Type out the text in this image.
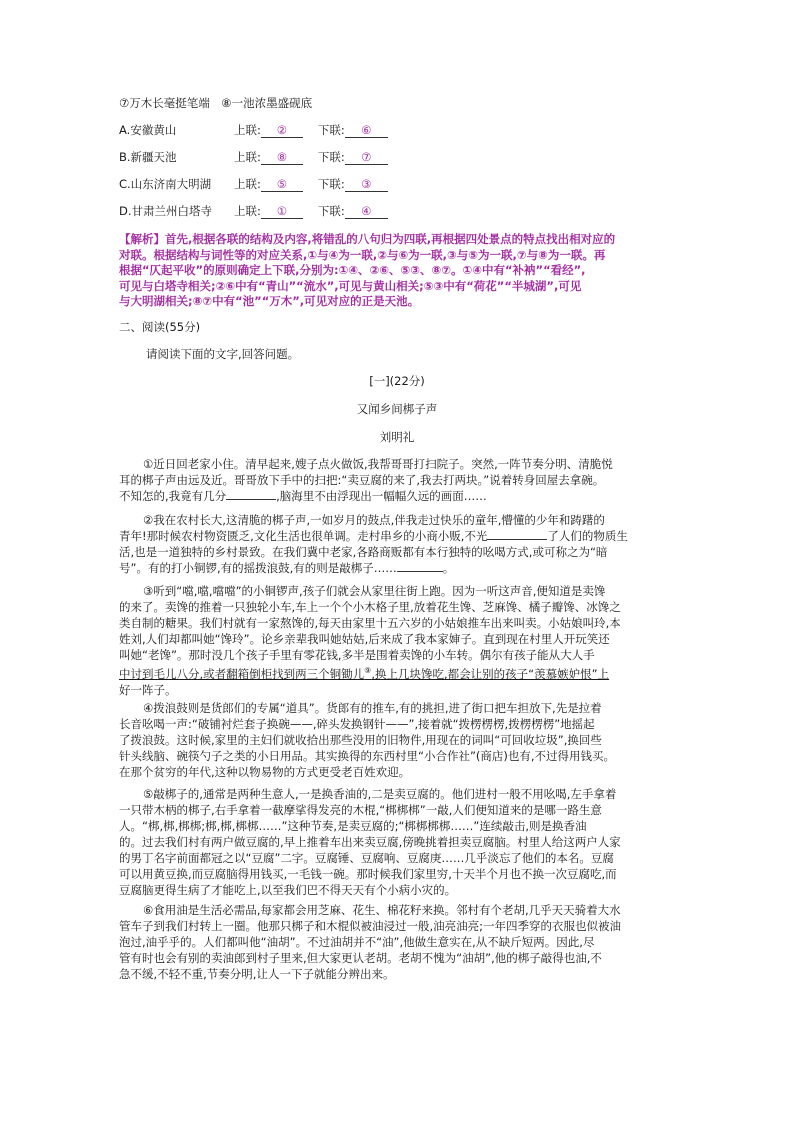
⑦万木长毫挺笔端　⑧一池浓墨盛砚底
A.安徽黄山	上联: ②	下联: ⑥
B.新疆天池	上联: ⑧	下联: ⑦
C.山东济南大明湖 上联: ⑤	下联: ③
D.甘肃兰州白塔寺 上联: ①	下联: ④
【解析】首先,根据各联的结构及内容,将错乱的八句归为四联,再根据四处景点的特点找出相对应的
对联。根据结构与词性等的对应关系,①与④为一联,②与⑥为一联,③与⑤为一联,⑦与⑧为一联。再
根据“仄起平收”的原则确定上下联,分别为:①④、②⑥、⑤③、⑧⑦。①④中有“补衲”“看经”,
可见与白塔寺相关;②⑥中有“青山”“流水”,可见与黄山相关;⑤③中有“荷花”“半城湖”,可见
与大明湖相关;⑧⑦中有“池”“万木”,可见对应的正是天池。
二、阅读(55分)
请阅读下面的文字,回答问题。
[一](22分)
又闻乡间梆子声
刘明礼
①近日回老家小住。清早起来,嫂子点火做饭,我帮哥哥打扫院子。突然,一阵节奏分明、清脆悦
耳的梆子声由远及近。哥哥放下手中的扫把:“卖豆腐的来了,我去打两块。”说着转身回屋去拿碗。
不知怎的,我竟有几分	,脑海里不由浮现出一幅幅久远的画面……
②我在农村长大,这清脆的梆子声,一如岁月的鼓点,伴我走过快乐的童年,懵懂的少年和踌躇的
青年!那时候农村物资匮乏,文化生活也很单调。走村串乡的小商小贩,不光	了人们的物质生
活,也是一道独特的乡村景致。在我们冀中老家,各路商贩都有本行独特的吆喝方式,或可称之为“暗
号”。有的打小铜锣,有的摇拨浪鼓,有的则是敲梆子……	。
③听到“噹,噹,噹噹”的小铜锣声,孩子们就会从家里往街上跑。因为一听这声音,便知道是卖馋
的来了。卖馋的推着一只独轮小车,车上一个个小木格子里,放着花生馋、芝麻馋、橘子瓣馋、冰馋之
类自制的糖果。我们村就有一家熬馋的,每天由家里十五六岁的小姑娘推车出来叫卖。小姑娘叫玲,本
姓刘,人们却都叫她“馋玲”。论乡亲辈我叫她姑姑,后来成了我本家婶子。直到现在村里人开玩笑还
叫她“老馋”。那时没几个孩子手里有零花钱,多半是围着卖馋的小车转。偶尔有孩子能从大人手
中讨到毛儿八分,或者翻箱倒柜找到两三个铜锄儿⑨,换上几块馋吃,都会让别的孩子“羡慕嫉妒恨”上
好一阵子。
④拨浪鼓则是货郎们的专属“道具”。货郎有的推车,有的挑担,进了街口把车担放下,先是拉着
长音吆喝一声:“破铺衬烂套子换碗——,碎头发换钢针——”,接着就“拨楞楞楞,拨楞楞楞”地摇起
了拨浪鼓。这时候,家里的主妇们就收拾出那些没用的旧物件,用现在的词叫“可回收垃圾”,换回些
针头线脑、碗筷勺子之类的小日用品。其实换得的东西村里“小合作社”(商店)也有,不过得用钱买。
在那个贫穷的年代,这种以物易物的方式更受老百姓欢迎。
⑤敲梆子的,通常是两种生意人,一是换香油的,二是卖豆腐的。他们进村一般不用吆喝,左手拿着
一只带木柄的梆子,右手拿着一截摩挲得发亮的木棍,“梆梆梆”一敲,人们便知道来的是哪一路生意
人。“梆,梆,梆梆;梆,梆,梆梆……”这种节奏,是卖豆腐的;“梆梆梆梆……”连续敲击,则是换香油
的。过去我们村有两户做豆腐的,早上推着车出来卖豆腐,傍晚挑着担卖豆腐脑。村里人给这两户人家
的男丁名字前面都冠之以“豆腐”二字。豆腐锤、豆腐响、豆腐庚……几乎淡忘了他们的本名。豆腐
可以用黄豆换,而豆腐脑得用钱买,一毛钱一碗。那时候我们家里穷,十天半个月也不换一次豆腐吃,而
豆腐脑更得生病了才能吃上,以至我们巴不得天天有个小病小灾的。
⑥食用油是生活必需品,每家都会用芝麻、花生、棉花籽来换。邻村有个老胡,几乎天天骑着大水
管车子到我们村转上一圈。他那只梆子和木棍似被油浸过一般,油亮油亮;一年四季穿的衣服也似被油
泡过,油乎乎的。人们都叫他“油胡”。不过油胡并不“油”,他做生意实在,从不缺斤短两。因此,尽
管有时也会有别的卖油郎到村子里来,但大家更认老胡。老胡不愧为“油胡”,他的梆子敲得也油,不
急不缓,不轻不重,节奏分明,让人一下子就能分辨出来。
